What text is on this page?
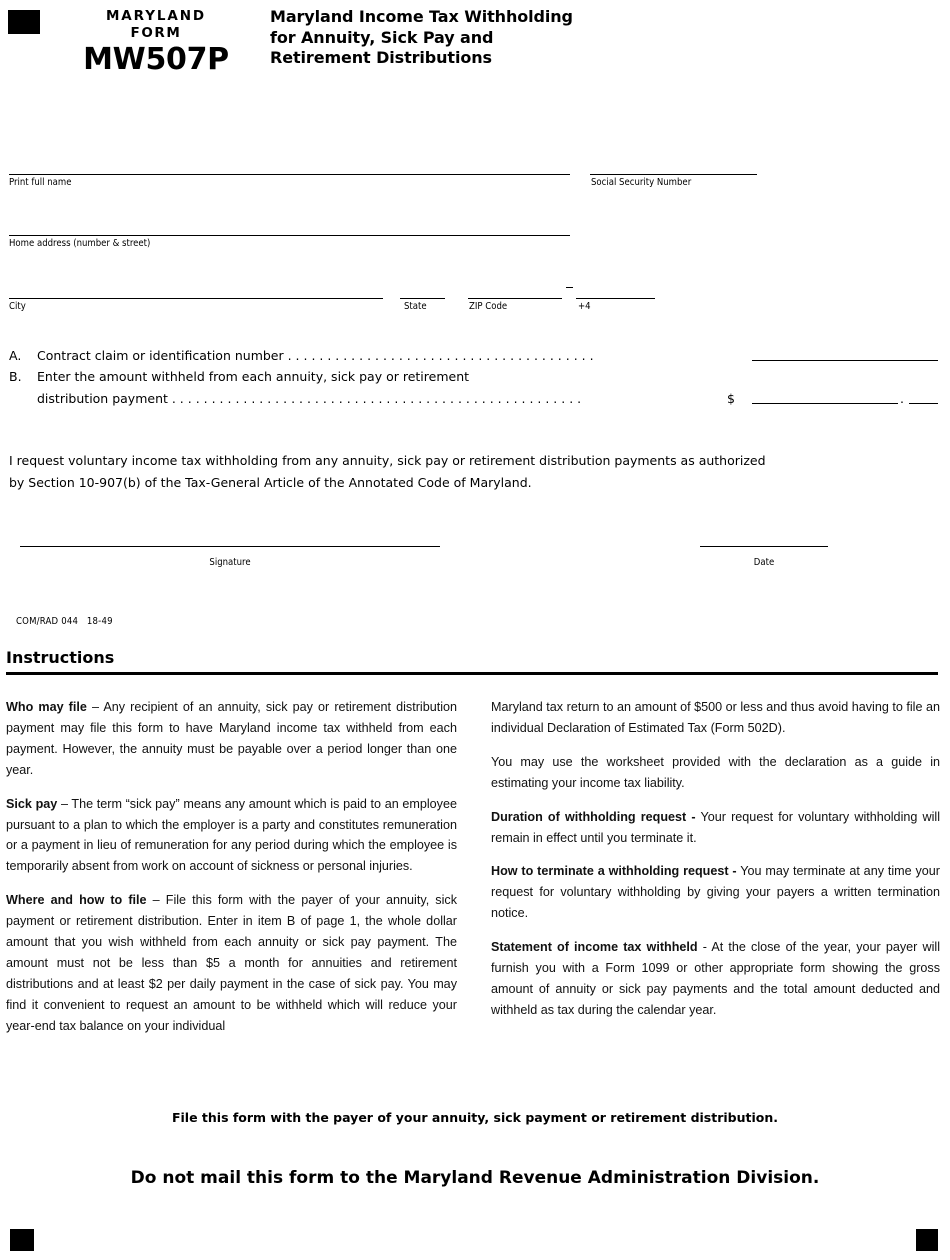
MARYLAND
FORM
MW507P
Maryland Income Tax Withholding
for Annuity, Sick Pay and
Retirement Distributions
Print full name	Social Security Number
Home address (number & street)
City	State	ZIP Code	+4
A. Contract claim or identification number . . . . . . . . . . . . . . . . . . . . . . . . . . . . . . . . . . . . . . .
B. Enter the amount withheld from each annuity, sick pay or retirement
distribution payment . . . . . . . . . . . . . . . . . . . . . . . . . . . . . . . . . . . . . . . . . . . . . . . . . . . .	$	.
I request voluntary income tax withholding from any annuity, sick pay or retirement distribution payments as authorized
by Section 10-907(b) of the Tax-General Article of the Annotated Code of Maryland.
Signature	Date
COM/RAD 044   18-49
Instructions

Who may file – Any recipient of an annuity, sick pay or retirement distribution payment may file this form to have Maryland income tax withheld from each payment. However, the annuity must be payable over a period longer than one year.

Sick pay – The term “sick pay” means any amount which is paid to an employee pursuant to a plan to which the employer is a party and constitutes remuneration or a payment in lieu of remuneration for any period during which the employee is temporarily absent from work on account of sickness or personal injuries.

Where and how to file – File this form with the payer of your annuity, sick payment or retirement distribution. Enter in item B of page 1, the whole dollar amount that you wish withheld from each annuity or sick pay payment. The amount must not be less than $5 a month for annuities and retirement distributions and at least $2 per daily payment in the case of sick pay. You may find it convenient to request an amount to be withheld which will reduce your year-end tax balance on your individual

Maryland tax return to an amount of $500 or less and thus avoid having to file an individual Declaration of Estimated Tax (Form 502D).

You may use the worksheet provided with the declaration as a guide in estimating your income tax liability.

Duration of withholding request - Your request for voluntary withholding will remain in effect until you terminate it.

How to terminate a withholding request - You may terminate at any time your request for voluntary withholding by giving your payers a written termination notice.

Statement of income tax withheld - At the close of the year, your payer will furnish you with a Form 1099 or other appropriate form showing the gross amount of annuity or sick pay payments and the total amount deducted and withheld as tax during the calendar year.

File this form with the payer of your annuity, sick payment or retirement distribution.
Do not mail this form to the Maryland Revenue Administration Division.
